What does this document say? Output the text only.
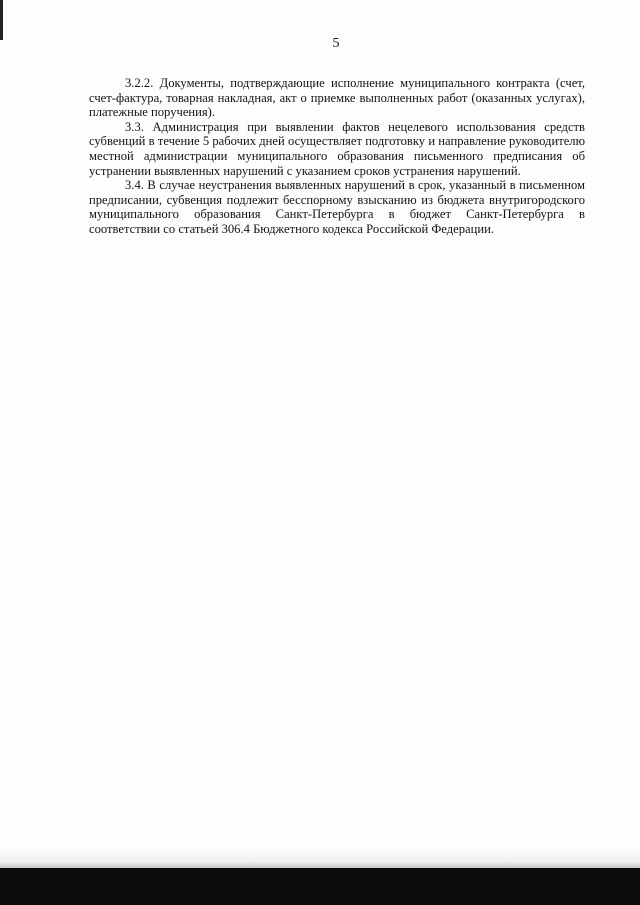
5

3.2.2. Документы, подтверждающие исполнение муниципального контракта (счет, счет-фактура, товарная накладная, акт о приемке выполненных работ (оказанных услугах), платежные поручения).

3.3. Администрация при выявлении фактов нецелевого использования средств субвенций в течение 5 рабочих дней осуществляет подготовку и направление руководителю местной администрации муниципального образования письменного предписания об устранении выявленных нарушений с указанием сроков устранения нарушений.

3.4. В случае неустранения выявленных нарушений в срок, указанный в письменном предписании, субвенция подлежит бесспорному взысканию из бюджета внутригородского муниципального образования Санкт-Петербурга в бюджет Санкт-Петербурга в соответствии со статьей 306.4 Бюджетного кодекса Российской Федерации.
